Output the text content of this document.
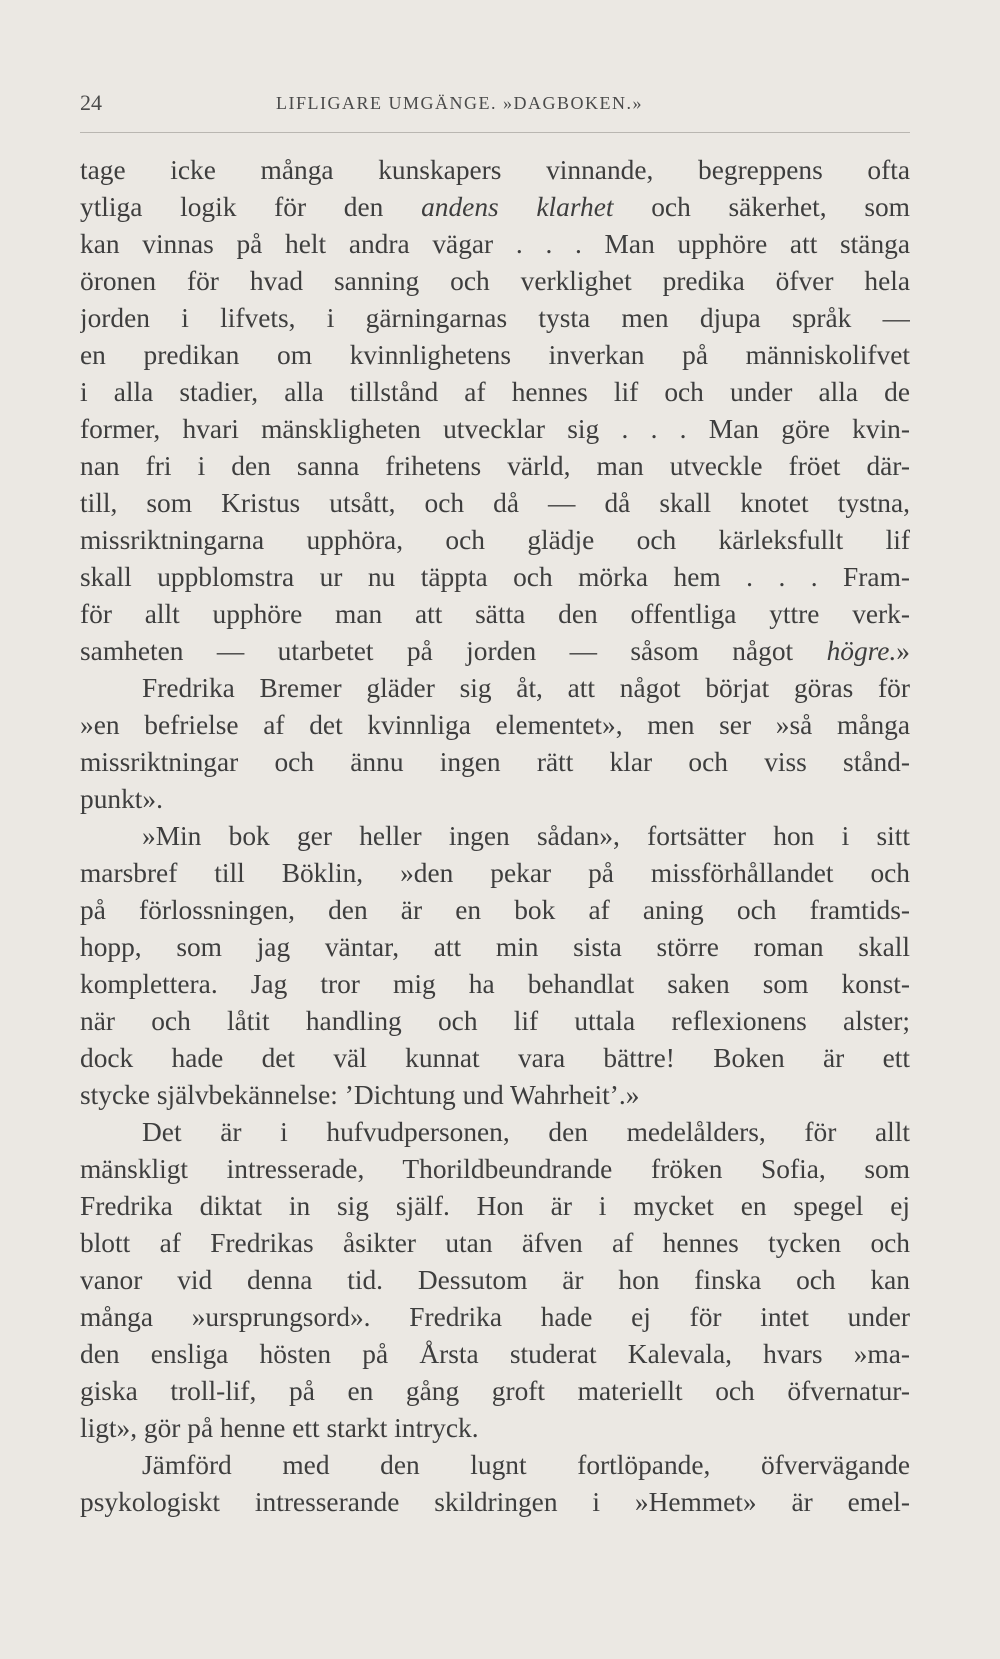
24	LIFLIGARE UMGÄNGE. »DAGBOKEN.»
tage icke många kunskapers vinnande, begreppens ofta
ytliga logik för den andens klarhet och säkerhet, som
kan vinnas på helt andra vägar . . . Man upphöre att stänga
öronen för hvad sanning och verklighet predika öfver hela
jorden i lifvets, i gärningarnas tysta men djupa språk —
en predikan om kvinnlighetens inverkan på människolifvet
i alla stadier, alla tillstånd af hennes lif och under alla de
former, hvari mänskligheten utvecklar sig . . . Man göre kvin-
nan fri i den sanna frihetens värld, man utveckle fröet där-
till, som Kristus utsått, och då — då skall knotet tystna,
missriktningarna upphöra, och glädje och kärleksfullt lif
skall uppblomstra ur nu täppta och mörka hem . . . Fram-
för allt upphöre man att sätta den offentliga yttre verk-
samheten — utarbetet på jorden — såsom något högre.»
Fredrika Bremer gläder sig åt, att något börjat göras för
»en befrielse af det kvinnliga elementet», men ser »så många
missriktningar och ännu ingen rätt klar och viss stånd-
punkt».
»Min bok ger heller ingen sådan», fortsätter hon i sitt
marsbref till Böklin, »den pekar på missförhållandet och
på förlossningen, den är en bok af aning och framtids-
hopp, som jag väntar, att min sista större roman skall
komplettera. Jag tror mig ha behandlat saken som konst-
när och låtit handling och lif uttala reflexionens alster;
dock hade det väl kunnat vara bättre! Boken är ett
stycke självbekännelse: ’Dichtung und Wahrheit’.»
Det är i hufvudpersonen, den medelålders, för allt
mänskligt intresserade, Thorildbeundrande fröken Sofia, som
Fredrika diktat in sig själf. Hon är i mycket en spegel ej
blott af Fredrikas åsikter utan äfven af hennes tycken och
vanor vid denna tid. Dessutom är hon finska och kan
många »ursprungsord». Fredrika hade ej för intet under
den ensliga hösten på Årsta studerat Kalevala, hvars »ma-
giska troll-lif, på en gång groft materiellt och öfvernatur-
ligt», gör på henne ett starkt intryck.
Jämförd med den lugnt fortlöpande, öfvervägande
psykologiskt intresserande skildringen i »Hemmet» är emel-
